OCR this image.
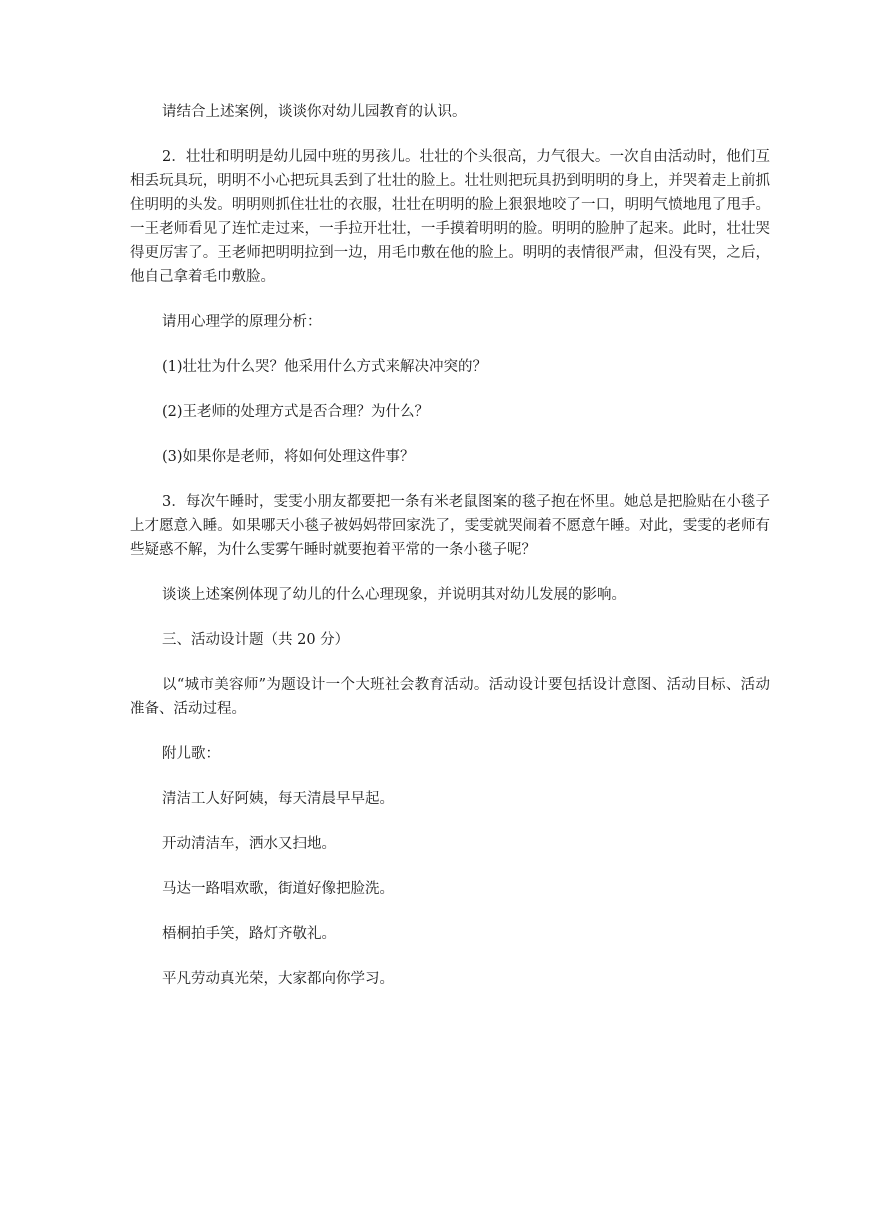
请结合上述案例，谈谈你对幼儿园教育的认识。

2．壮壮和明明是幼儿园中班的男孩儿。壮壮的个头很高，力气很大。一次自由活动时，他们互相丢玩具玩，明明不小心把玩具丢到了壮壮的脸上。壮壮则把玩具扔到明明的身上，并哭着走上前抓住明明的头发。明明则抓住壮壮的衣服，壮壮在明明的脸上狠狠地咬了一口，明明气愤地甩了甩手。一王老师看见了连忙走过来，一手拉开壮壮，一手摸着明明的脸。明明的脸肿了起来。此时，壮壮哭得更厉害了。王老师把明明拉到一边，用毛巾敷在他的脸上。明明的表情很严肃，但没有哭，之后，他自己拿着毛巾敷脸。

请用心理学的原理分析：

(1)壮壮为什么哭？他采用什么方式来解决冲突的？

(2)王老师的处理方式是否合理？为什么？

(3)如果你是老师，将如何处理这件事？

3．每次午睡时，雯雯小朋友都要把一条有米老鼠图案的毯子抱在怀里。她总是把脸贴在小毯子上才愿意入睡。如果哪天小毯子被妈妈带回家洗了，雯雯就哭闹着不愿意午睡。对此，雯雯的老师有些疑惑不解，为什么雯雾午睡时就要抱着平常的一条小毯子呢？

谈谈上述案例体现了幼儿的什么心理现象，并说明其对幼儿发展的影响。

三、活动设计题（共 20 分）

以“城市美容师”为题设计一个大班社会教育活动。活动设计要包括设计意图、活动目标、活动准备、活动过程。

附儿歌：

清洁工人好阿姨，每天清晨早早起。

开动清洁车，洒水又扫地。

马达一路唱欢歌，街道好像把脸洗。

梧桐拍手笑，路灯齐敬礼。

平凡劳动真光荣，大家都向你学习。
